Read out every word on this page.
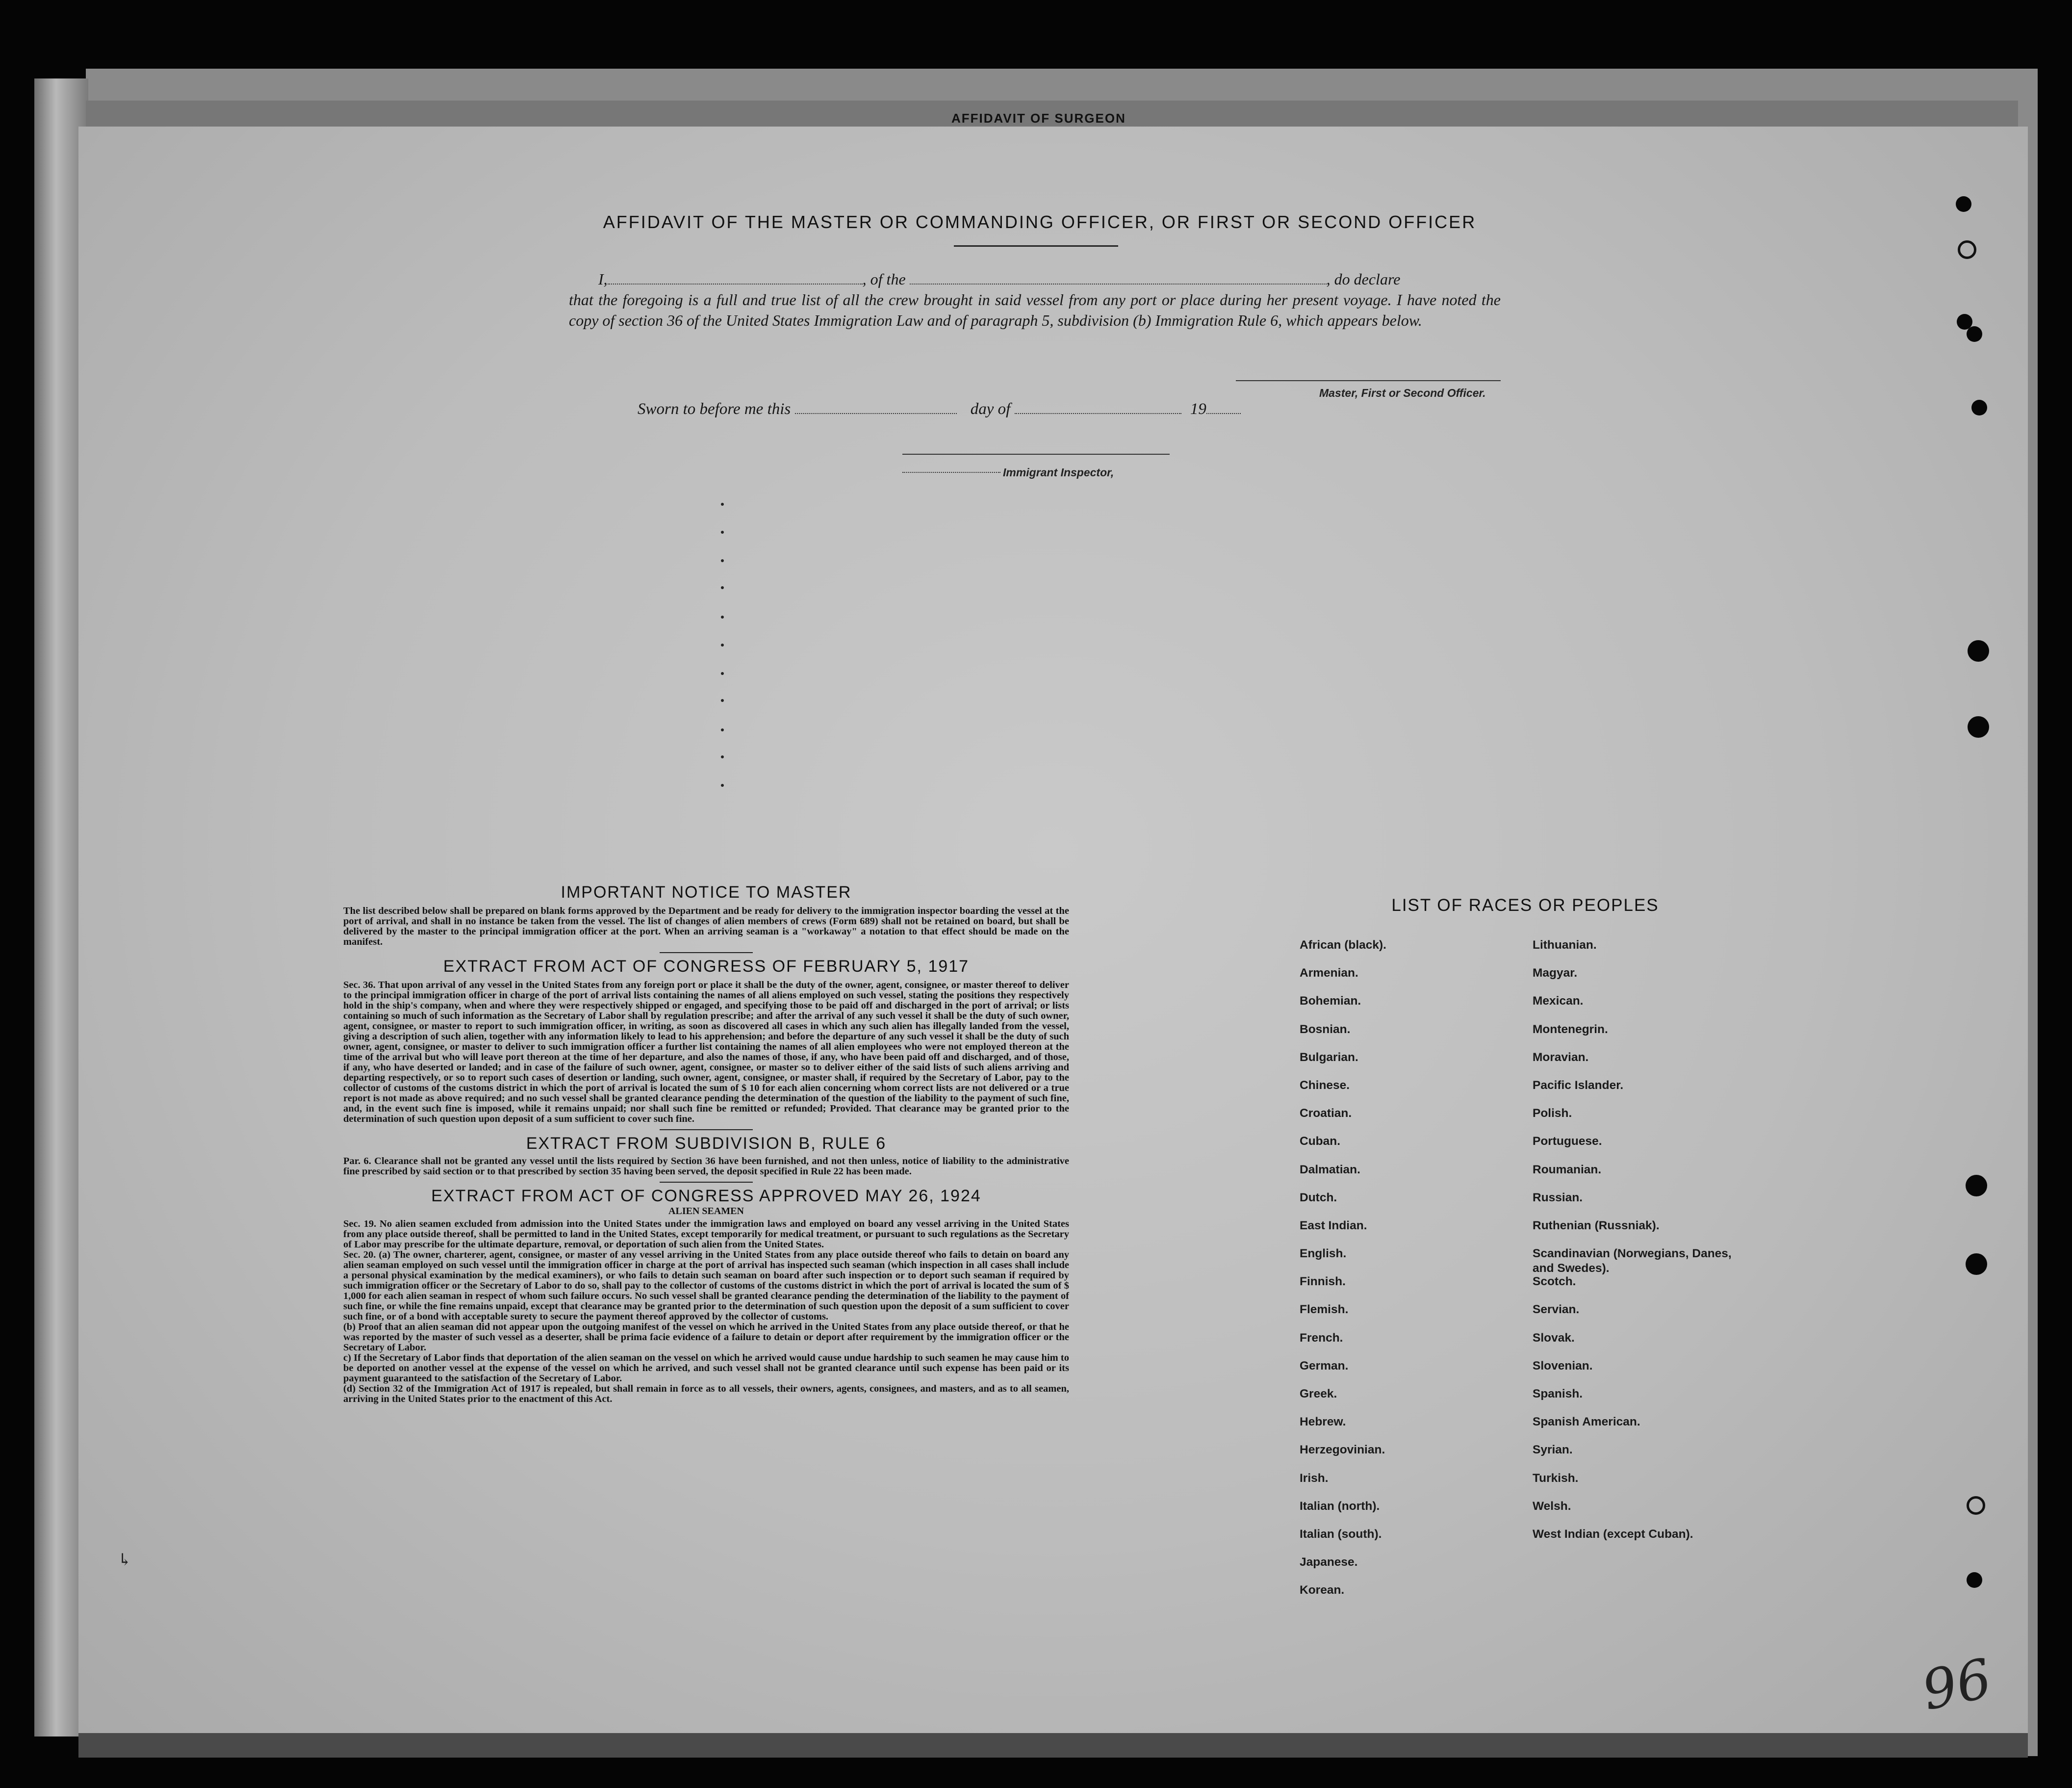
AFFIDAVIT OF SURGEON
AFFIDAVIT OF THE MASTER OR COMMANDING OFFICER, OR FIRST OR SECOND OFFICER
I,	, of the	, do declare
that the foregoing is a full and true list of all the crew brought in said vessel from any port or place during her present voyage. I have noted the copy of section 36 of the United States Immigration Law and of paragraph 5, subdivision (b) Immigration Rule 6, which appears below.
Master, First or Second Officer.
Sworn to before me this	day of	19
Immigrant Inspector,
IMPORTANT NOTICE TO MASTER

The list described below shall be prepared on blank forms approved by the Department and be ready for delivery to the immigration inspector boarding the vessel at the port of arrival, and shall in no instance be taken from the vessel. The list of changes of alien members of crews (Form 689) shall not be retained on board, but shall be delivered by the master to the principal immigration officer at the port. When an arriving seaman is a "workaway" a notation to that effect should be made on the manifest.

EXTRACT FROM ACT OF CONGRESS OF FEBRUARY 5, 1917

Sec. 36. That upon arrival of any vessel in the United States from any foreign port or place it shall be the duty of the owner, agent, consignee, or master thereof to deliver to the principal immigration officer in charge of the port of arrival lists containing the names of all aliens employed on such vessel, stating the positions they respectively hold in the ship's company, when and where they were respectively shipped or engaged, and specifying those to be paid off and discharged in the port of arrival; or lists containing so much of such information as the Secretary of Labor shall by regulation prescribe; and after the arrival of any such vessel it shall be the duty of such owner, agent, consignee, or master to report to such immigration officer, in writing, as soon as discovered all cases in which any such alien has illegally landed from the vessel, giving a description of such alien, together with any information likely to lead to his apprehension; and before the departure of any such vessel it shall be the duty of such owner, agent, consignee, or master to deliver to such immigration officer a further list containing the names of all alien employees who were not employed thereon at the time of the arrival but who will leave port thereon at the time of her departure, and also the names of those, if any, who have been paid off and discharged, and of those, if any, who have deserted or landed; and in case of the failure of such owner, agent, consignee, or master so to deliver either of the said lists of such aliens arriving and departing respectively, or so to report such cases of desertion or landing, such owner, agent, consignee, or master shall, if required by the Secretary of Labor, pay to the collector of customs of the customs district in which the port of arrival is located the sum of $ 10 for each alien concerning whom correct lists are not delivered or a true report is not made as above required; and no such vessel shall be granted clearance pending the determination of the question of the liability to the payment of such fine, and, in the event such fine is imposed, while it remains unpaid; nor shall such fine be remitted or refunded; Provided. That clearance may be granted prior to the determination of such question upon deposit of a sum sufficient to cover such fine.

EXTRACT FROM SUBDIVISION B, RULE 6

Par. 6. Clearance shall not be granted any vessel until the lists required by Section 36 have been furnished, and not then unless, notice of liability to the administrative fine prescribed by said section or to that prescribed by section 35 having been served, the deposit specified in Rule 22 has been made.

EXTRACT FROM ACT OF CONGRESS APPROVED MAY 26, 1924
ALIEN SEAMEN

Sec. 19. No alien seamen excluded from admission into the United States under the immigration laws and employed on board any vessel arriving in the United States from any place outside thereof, shall be permitted to land in the United States, except temporarily for medical treatment, or pursuant to such regulations as the Secretary of Labor may prescribe for the ultimate departure, removal, or deportation of such alien from the United States.

Sec. 20. (a) The owner, charterer, agent, consignee, or master of any vessel arriving in the United States from any place outside thereof who fails to detain on board any alien seaman employed on such vessel until the immigration officer in charge at the port of arrival has inspected such seaman (which inspection in all cases shall include a personal physical examination by the medical examiners), or who fails to detain such seaman on board after such inspection or to deport such seaman if required by such immigration officer or the Secretary of Labor to do so, shall pay to the collector of customs of the customs district in which the port of arrival is located the sum of $ 1,000 for each alien seaman in respect of whom such failure occurs. No such vessel shall be granted clearance pending the determination of the liability to the payment of such fine, or while the fine remains unpaid, except that clearance may be granted prior to the determination of such question upon the deposit of a sum sufficient to cover such fine, or of a bond with acceptable surety to secure the payment thereof approved by the collector of customs.

(b) Proof that an alien seaman did not appear upon the outgoing manifest of the vessel on which he arrived in the United States from any place outside thereof, or that he was reported by the master of such vessel as a deserter, shall be prima facie evidence of a failure to detain or deport after requirement by the immigration officer or the Secretary of Labor.

c) If the Secretary of Labor finds that deportation of the alien seaman on the vessel on which he arrived would cause undue hardship to such seamen he may cause him to be deported on another vessel at the expense of the vessel on which he arrived, and such vessel shall not be granted clearance until such expense has been paid or its payment guaranteed to the satisfaction of the Secretary of Labor.

(d) Section 32 of the Immigration Act of 1917 is repealed, but shall remain in force as to all vessels, their owners, agents, consignees, and masters, and as to all seamen, arriving in the United States prior to the enactment of this Act.

LIST OF RACES OR PEOPLES
African (black).
Armenian.
Bohemian.
Bosnian.
Bulgarian.
Chinese.
Croatian.
Cuban.
Dalmatian.
Dutch.
East Indian.
English.
Finnish.
Flemish.
French.
German.
Greek.
Hebrew.
Herzegovinian.
Irish.
Italian (north).
Italian (south).
Japanese.
Korean.
Lithuanian.
Magyar.
Mexican.
Montenegrin.
Moravian.
Pacific Islander.
Polish.
Portuguese.
Roumanian.
Russian.
Ruthenian (Russniak).
Scandinavian (Norwegians, Danes, and Swedes).
Scotch.
Servian.
Slovak.
Slovenian.
Spanish.
Spanish American.
Syrian.
Turkish.
Welsh.
West Indian (except Cuban).
96
↳
